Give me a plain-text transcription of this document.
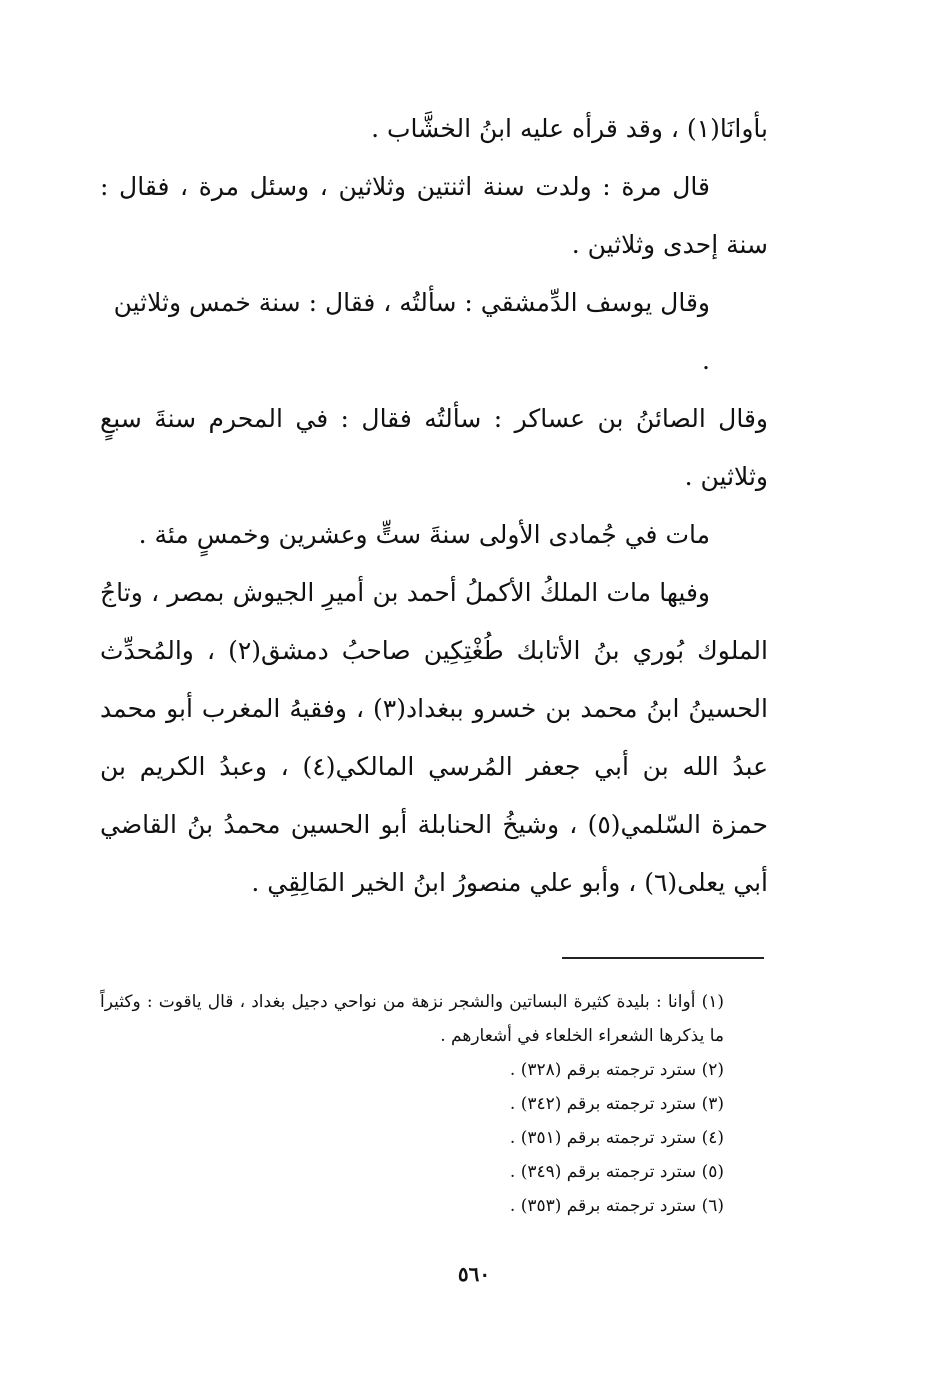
بأوانَا(١) ، وقد قرأه عليه ابنُ الخشَّاب .

قال مرة : ولدت سنة اثنتين وثلاثين ، وسئل مرة ، فقال : سنة إحدى وثلاثين .

وقال يوسف الدِّمشقي : سألتُه ، فقال : سنة خمس وثلاثين .

وقال الصائنُ بن عساكر : سألتُه فقال : في المحرم سنةَ سبعٍ وثلاثين .

مات في جُمادى الأولى سنةَ ستٍّ وعشرين وخمسٍ مئة .

وفيها مات الملكُ الأكملُ أحمد بن أميرِ الجيوش بمصر ، وتاجُ الملوك بُوري بنُ الأتابك طُغْتِكِين صاحبُ دمشق(٢) ، والمُحدِّث الحسينُ ابنُ محمد بن خسرو ببغداد(٣) ، وفقيهُ المغرب أبو محمد عبدُ الله بن أبي جعفر المُرسي المالكي(٤) ، وعبدُ الكريم بن حمزة السّلمي(٥) ، وشيخُ الحنابلة أبو الحسين محمدُ بنُ القاضي أبي يعلى(٦) ، وأبو علي منصورُ ابنُ الخير المَالِقِي .

(١) أوانا : بليدة كثيرة البساتين والشجر نزهة من نواحي دجيل بغداد ، قال ياقوت : وكثيراً ما يذكرها الشعراء الخلعاء في أشعارهم .

(٢) سترد ترجمته برقم (٣٢٨) .

(٣) سترد ترجمته برقم (٣٤٢) .

(٤) سترد ترجمته برقم (٣٥١) .

(٥) سترد ترجمته برقم (٣٤٩) .

(٦) سترد ترجمته برقم (٣٥٣) .

٥٦٠
